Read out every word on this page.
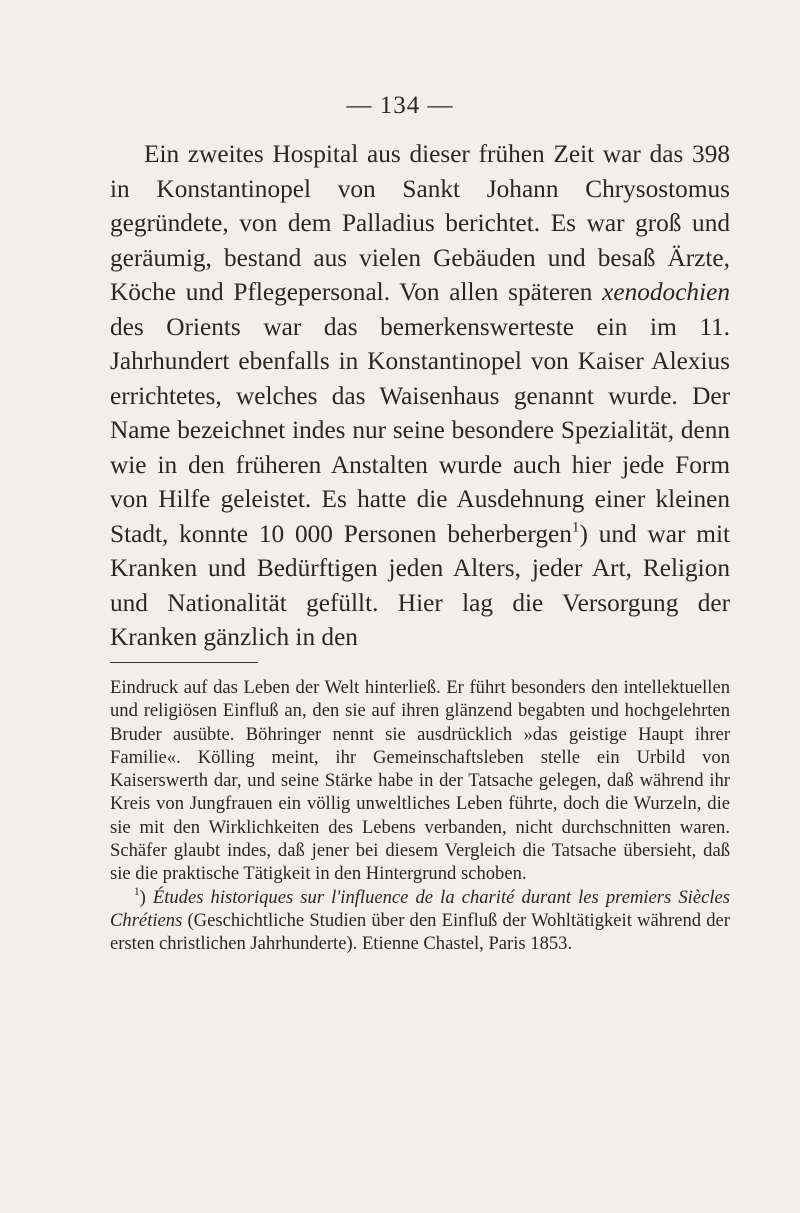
— 134 —

Ein zweites Hospital aus dieser frühen Zeit war das 398 in Konstantinopel von Sankt Johann Chrysostomus gegründete, von dem Palladius berichtet. Es war groß und geräumig, bestand aus vielen Gebäuden und besaß Ärzte, Köche und Pflegepersonal. Von allen späteren xenodochien des Orients war das bemerkenswerteste ein im 11. Jahrhundert ebenfalls in Konstantinopel von Kaiser Alexius errichtetes, welches das Waisenhaus genannt wurde. Der Name bezeichnet indes nur seine besondere Spezialität, denn wie in den früheren Anstalten wurde auch hier jede Form von Hilfe geleistet. Es hatte die Ausdehnung einer kleinen Stadt, konnte 10 000 Personen beherbergen$^1$) und war mit Kranken und Bedürftigen jeden Alters, jeder Art, Religion und Nationalität gefüllt. Hier lag die Versorgung der Kranken gänzlich in den

Eindruck auf das Leben der Welt hinterließ. Er führt besonders den intellektuellen und religiösen Einfluß an, den sie auf ihren glänzend begabten und hochgelehrten Bruder ausübte. Böhringer nennt sie ausdrücklich »das geistige Haupt ihrer Familie«. Kölling meint, ihr Gemeinschaftsleben stelle ein Urbild von Kaiserswerth dar, und seine Stärke habe in der Tatsache gelegen, daß während ihr Kreis von Jungfrauen ein völlig unweltliches Leben führte, doch die Wurzeln, die sie mit den Wirklichkeiten des Lebens verbanden, nicht durchschnitten waren. Schäfer glaubt indes, daß jener bei diesem Vergleich die Tatsache übersieht, daß sie die praktische Tätigkeit in den Hintergrund schoben.

$^1$) Études historiques sur l'influence de la charité durant les premiers Siècles Chrétiens (Geschichtliche Studien über den Einfluß der Wohltätigkeit während der ersten christlichen Jahrhunderte). Etienne Chastel, Paris 1853.
